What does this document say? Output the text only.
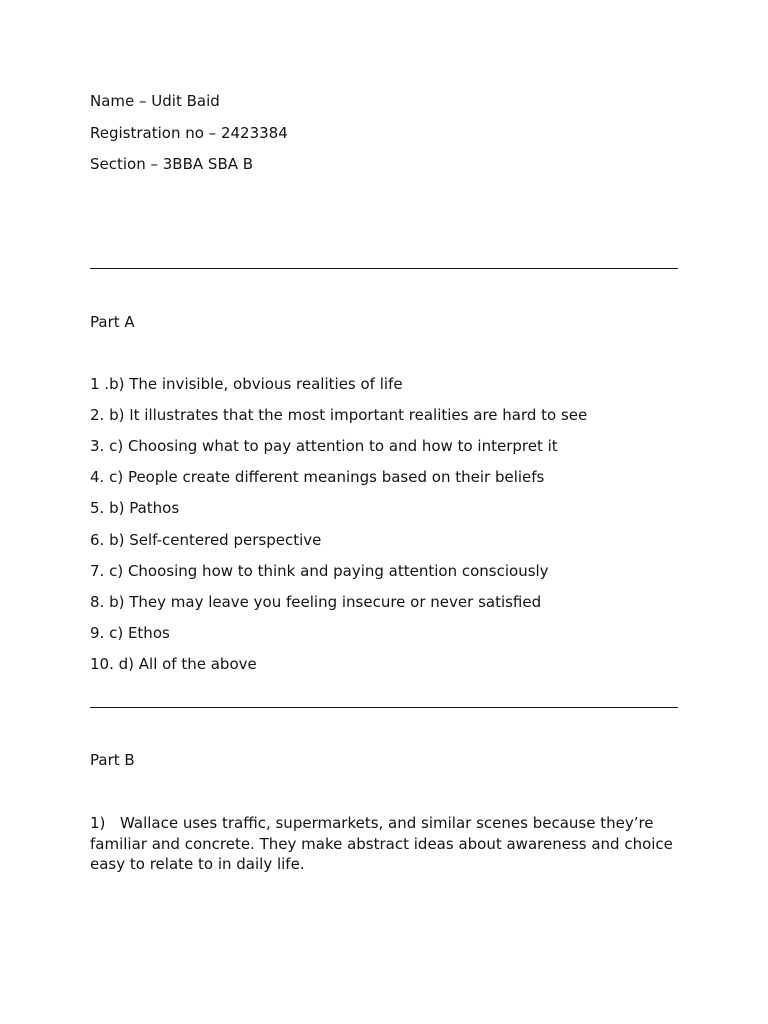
Name – Udit Baid
Registration no – 2423384
Section – 3BBA SBA B
Part A
1 .b) The invisible, obvious realities of life
2. b) It illustrates that the most important realities are hard to see
3. c) Choosing what to pay attention to and how to interpret it
4. c) People create different meanings based on their beliefs
5. b) Pathos
6. b) Self-centered perspective
7. c) Choosing how to think and paying attention consciously
8. b) They may leave you feeling insecure or never satisfied
9. c) Ethos
10. d) All of the above
Part B
1) Wallace uses traffic, supermarkets, and similar scenes because they’re familiar and concrete. They make abstract ideas about awareness and choice easy to relate to in daily life.
